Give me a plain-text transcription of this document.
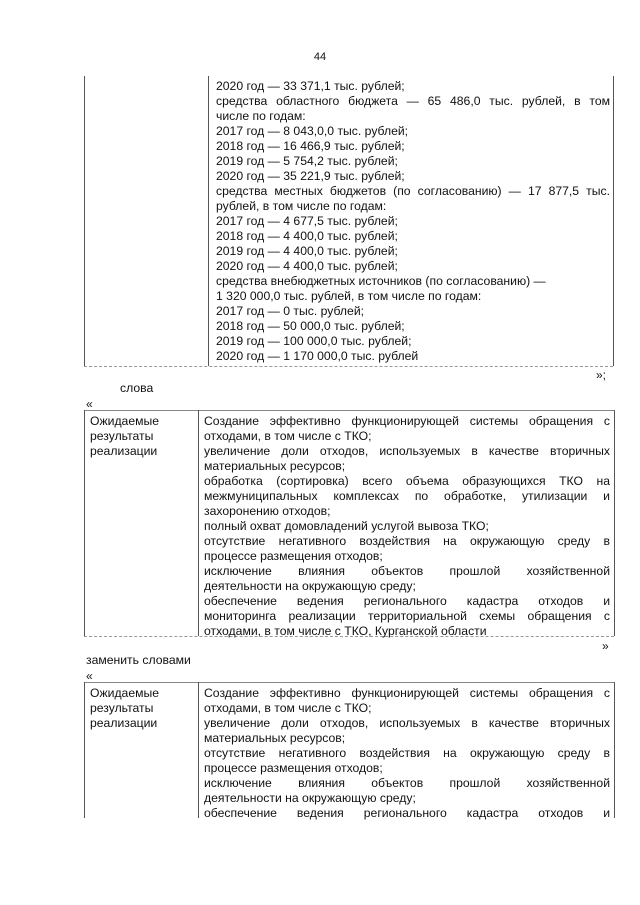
44
2020 год — 33 371,1 тыс. рублей;
средства областного бюджета — 65 486,0 тыс. рублей, в том
числе по годам:
2017 год — 8 043,0,0 тыс. рублей;
2018 год — 16 466,9 тыс. рублей;
2019 год — 5 754,2 тыс. рублей;
2020 год — 35 221,9 тыс. рублей;
средства местных бюджетов (по согласованию) — 17 877,5 тыс.
рублей, в том числе по годам:
2017 год — 4 677,5 тыс. рублей;
2018 год — 4 400,0 тыс. рублей;
2019 год — 4 400,0 тыс. рублей;
2020 год — 4 400,0 тыс. рублей;
средства внебюджетных источников (по согласованию) —
1 320 000,0 тыс. рублей, в том числе по годам:
2017 год — 0 тыс. рублей;
2018 год — 50 000,0 тыс. рублей;
2019 год — 100 000,0 тыс. рублей;
2020 год — 1 170 000,0 тыс. рублей
»;
слова
«
Ожидаемые
результаты
реализации
Создание эффективно функционирующей системы обращения с
отходами, в том числе с ТКО;
увеличение доли отходов, используемых в качестве вторичных
материальных ресурсов;
обработка (сортировка) всего объема образующихся ТКО на
межмуниципальных комплексах по обработке, утилизации и
захоронению отходов;
полный охват домовладений услугой вывоза ТКО;
отсутствие негативного воздействия на окружающую среду в
процессе размещения отходов;
исключение влияния объектов прошлой хозяйственной
деятельности на окружающую среду;
обеспечение ведения регионального кадастра отходов и
мониторинга реализации территориальной схемы обращения с
отходами, в том числе с ТКО, Курганской области
»
заменить словами
«
Ожидаемые
результаты
реализации
Создание эффективно функционирующей системы обращения с
отходами, в том числе с ТКО;
увеличение доли отходов, используемых в качестве вторичных
материальных ресурсов;
отсутствие негативного воздействия на окружающую среду в
процессе размещения отходов;
исключение влияния объектов прошлой хозяйственной
деятельности на окружающую среду;
обеспечение ведения регионального кадастра отходов и
